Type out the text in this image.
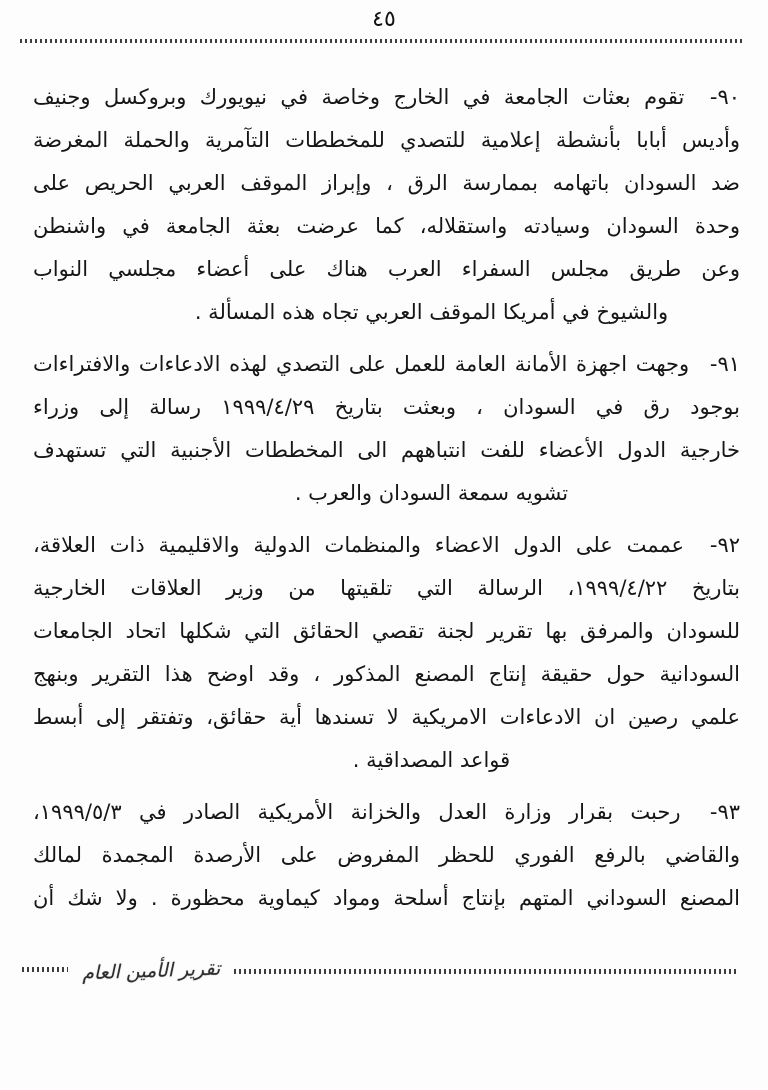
٤٥
٩٠- تقوم بعثات الجامعة في الخارج وخاصة في نيويورك وبروكسل وجنيف
وأديس أبابا بأنشطة إعلامية للتصدي للمخططات التآمرية والحملة المغرضة
ضد السودان باتهامه بممارسة الرق ، وإبراز الموقف العربي الحريص على
وحدة السودان وسيادته واستقلاله، كما عرضت بعثة الجامعة في واشنطن
وعن طريق مجلس السفراء العرب هناك على أعضاء مجلسي النواب
والشيوخ في أمريكا الموقف العربي تجاه هذه المسألة .
٩١- وجهت اجهزة الأمانة العامة للعمل على التصدي لهذه الادعاءات والافتراءات
بوجود رق في السودان ، وبعثت بتاريخ ١٩٩٩/٤/٢٩ رسالة إلى وزراء
خارجية الدول الأعضاء للفت انتباههم الى المخططات الأجنبية التي تستهدف
تشويه سمعة السودان والعرب .
٩٢- عممت على الدول الاعضاء والمنظمات الدولية والاقليمية ذات العلاقة،
بتاريخ ١٩٩٩/٤/٢٢، الرسالة التي تلقيتها من وزير العلاقات الخارجية
للسودان والمرفق بها تقرير لجنة تقصي الحقائق التي شكلها اتحاد الجامعات
السودانية حول حقيقة إنتاج المصنع المذكور ، وقد اوضح هذا التقرير وبنهج
علمي رصين ان الادعاءات الامريكية لا تسندها أية حقائق، وتفتقر إلى أبسط
قواعد المصداقية .
٩٣- رحبت بقرار وزارة العدل والخزانة الأمريكية الصادر في ١٩٩٩/٥/٣،
والقاضي بالرفع الفوري للحظر المفروض على الأرصدة المجمدة لمالك
المصنع السوداني المتهم بإنتاج أسلحة ومواد كيماوية محظورة . ولا شك أن
تقرير الأمين العام
